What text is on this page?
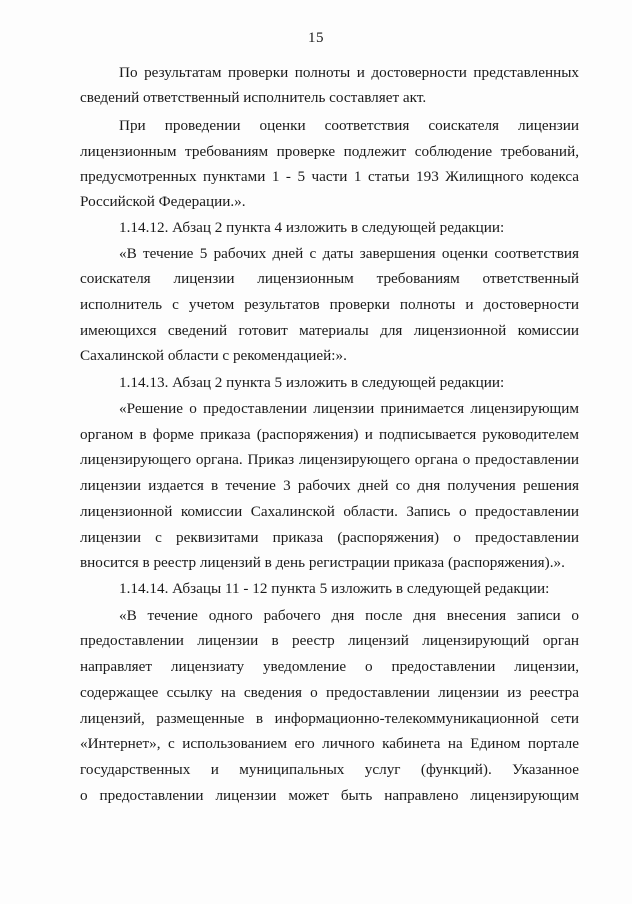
15
По результатам проверки полноты и достоверности представленных
сведений ответственный исполнитель составляет акт.
При проведении оценки соответствия соискателя лицензии
лицензионным требованиям проверке подлежит соблюдение требований,
предусмотренных пунктами 1 - 5 части 1 статьи 193 Жилищного кодекса
Российской Федерации.».
1.14.12. Абзац 2 пункта 4 изложить в следующей редакции:
«В течение 5 рабочих дней с даты завершения оценки соответствия
соискателя лицензии лицензионным требованиям ответственный
исполнитель с учетом результатов проверки полноты и достоверности
имеющихся сведений готовит материалы для лицензионной комиссии
Сахалинской области с рекомендацией:».
1.14.13. Абзац 2 пункта 5 изложить в следующей редакции:
«Решение о предоставлении лицензии принимается лицензирующим
органом в форме приказа (распоряжения) и подписывается руководителем
лицензирующего органа. Приказ лицензирующего органа о предоставлении
лицензии издается в течение 3 рабочих дней со дня получения решения
лицензионной комиссии Сахалинской области. Запись о предоставлении
лицензии с реквизитами приказа (распоряжения) о предоставлении
вносится в реестр лицензий в день регистрации приказа (распоряжения).».
1.14.14. Абзацы 11 - 12 пункта 5 изложить в следующей редакции:
«В течение одного рабочего дня после дня внесения записи о
предоставлении лицензии в реестр лицензий лицензирующий орган
направляет лицензиату уведомление о предоставлении лицензии,
содержащее ссылку на сведения о предоставлении лицензии из реестра
лицензий, размещенные в информационно-телекоммуникационной сети
«Интернет», с использованием его личного кабинета на Едином портале
государственных и муниципальных услуг (функций). Указанное
о предоставлении лицензии может быть направлено лицензирующим
